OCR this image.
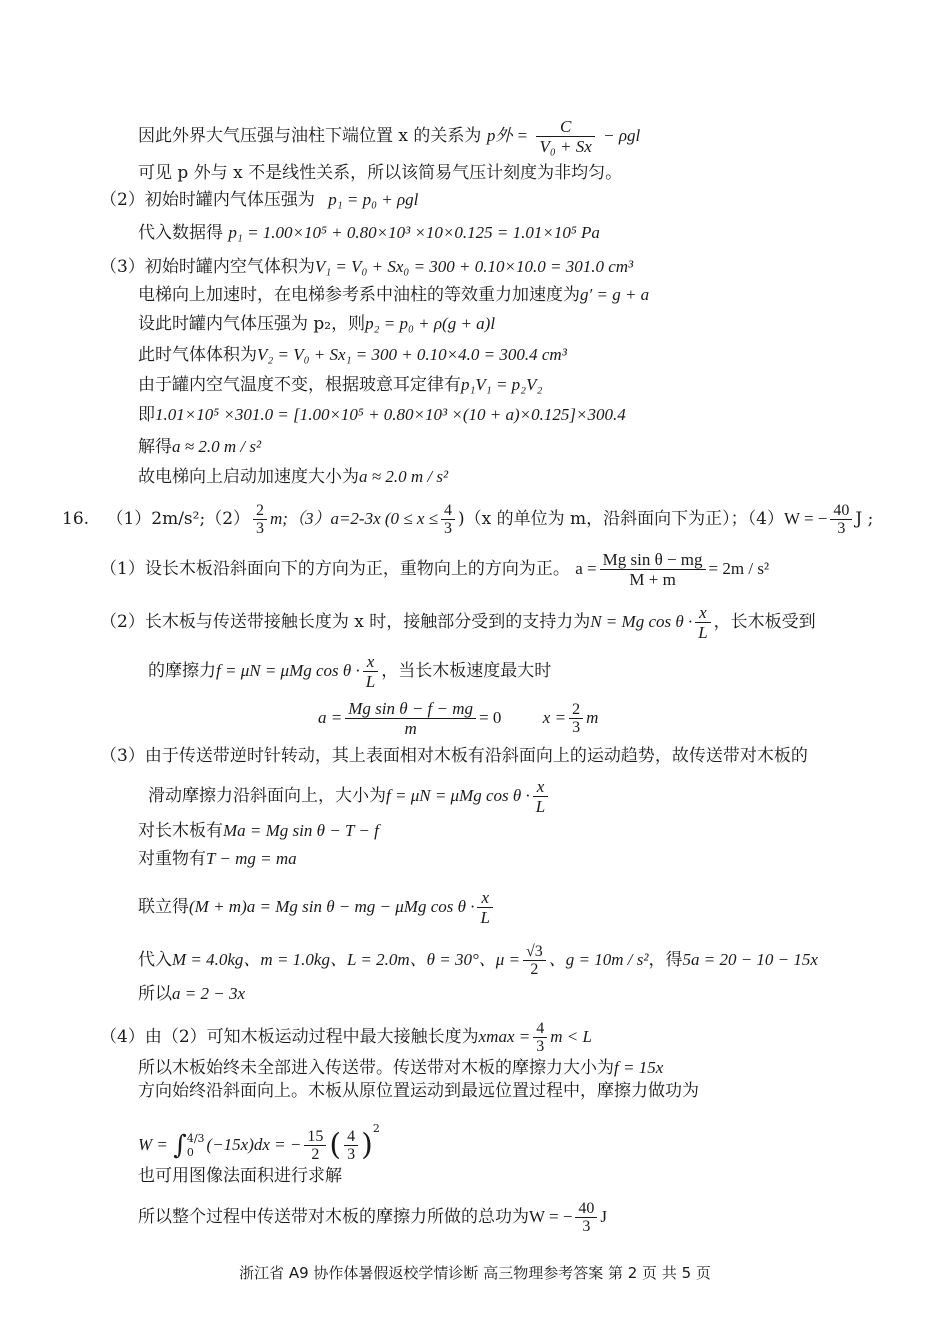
因此外界大气压强与油柱下端位置 x 的关系为 p外 = $\frac{C}{\text{V₀ + Sx}} - \rho gl$
可见 p 外与 x 不是线性关系，所以该简易气压计刻度为非均匀。
（2）初始时罐内气体压强为 p₁ = p₀ + ρgl
代入数据得 p₁ = 1.00×10⁵ + 0.80×10³ ×10×0.125 = 1.01×10⁵ Pa
（3）初始时罐内空气体积为V₁ = V₀ + Sx₀ = 300 + 0.10×10.0 = 301.0 cm³
电梯向上加速时，在电梯参考系中油柱的等效重力加速度为g′ = g + a
设此时罐内气体压强为 p₂，则p₂ = p₀ + ρ(g + a)l
此时气体体积为V₂ = V₀ + Sx₁ = 300 + 0.10×4.0 = 300.4 cm³
由于罐内空气温度不变，根据玻意耳定律有p₁V₁ = p₂V₂
即1.01×10⁵ ×301.0 = [1.00×10⁵ + 0.80×10³ ×(10 + a)×0.125]×300.4
解得a ≈ 2.0 m / s²
故电梯向上启动加速度大小为a ≈ 2.0 m / s²
16. （1）2m/s²;（2） $\frac{2}{3}$ m;（3）a=2-3x $(0 \le x \le \frac{4}{3} )(x$ 的单位为 m，沿斜面向下为正）；（4）W = − $\frac{40}{3}$ J ;
（1）设长木板沿斜面向下的方向为正，重物向上的方向为正。 $a = \frac{\text{Mg sin θ − mg}}{M + m} = 2m / s^2$
（2）长木板与传送带接触长度为 x 时，接触部分受到的支持力为N = Mg $\cos \theta \cdot \frac{x}{L}$ ，长木板受到
的摩擦力f = μN = μMg $\cos \theta \cdot \frac{x}{L}$ ，当长木板速度最大时
$a = \frac{\text{Mg sin θ − f − mg}}{m} = 0$ $x = \frac{2}{3}$ m
（3）由于传送带逆时针转动，其上表面相对木板有沿斜面向上的运动趋势，故传送带对木板的
滑动摩擦力沿斜面向上，大小为f = μN = μMg $\cos \theta \cdot \frac{x}{L}$
对长木板有Ma = Mg sin θ − T − f
对重物有T − mg = ma
联立得(M + m)a = Mg sin θ − mg − μMg $\cos \theta \cdot \frac{x}{L}$
代入M = 4.0kg、m = 1.0kg、L = 2.0m、θ = 30°、$\mu = \frac{√3}{2}$ 、g = 10m / s²，得5a = 20 − 10 − 15x
所以a = 2 − 3x
（4）由（2）可知木板运动过程中最大接触长度为$xmax = \frac{4}{3}$ m < L
所以木板始终未全部进入传送带。传送带对木板的摩擦力大小为f = 15x
方向始终沿斜面向上。木板从原位置运动到最远位置过程中，摩擦力做功为
W = ∫ 4/3
0 (−15x)dx = − $\frac{15}{2}$ ( $\frac{4}{3} )^2$
也可用图像法面积进行求解
所以整个过程中传送带对木板的摩擦力所做的总功为W = − $\frac{40}{3}$ J
浙江省 A9 协作体暑假返校学情诊断 高三物理参考答案 第 2 页 共 5 页
